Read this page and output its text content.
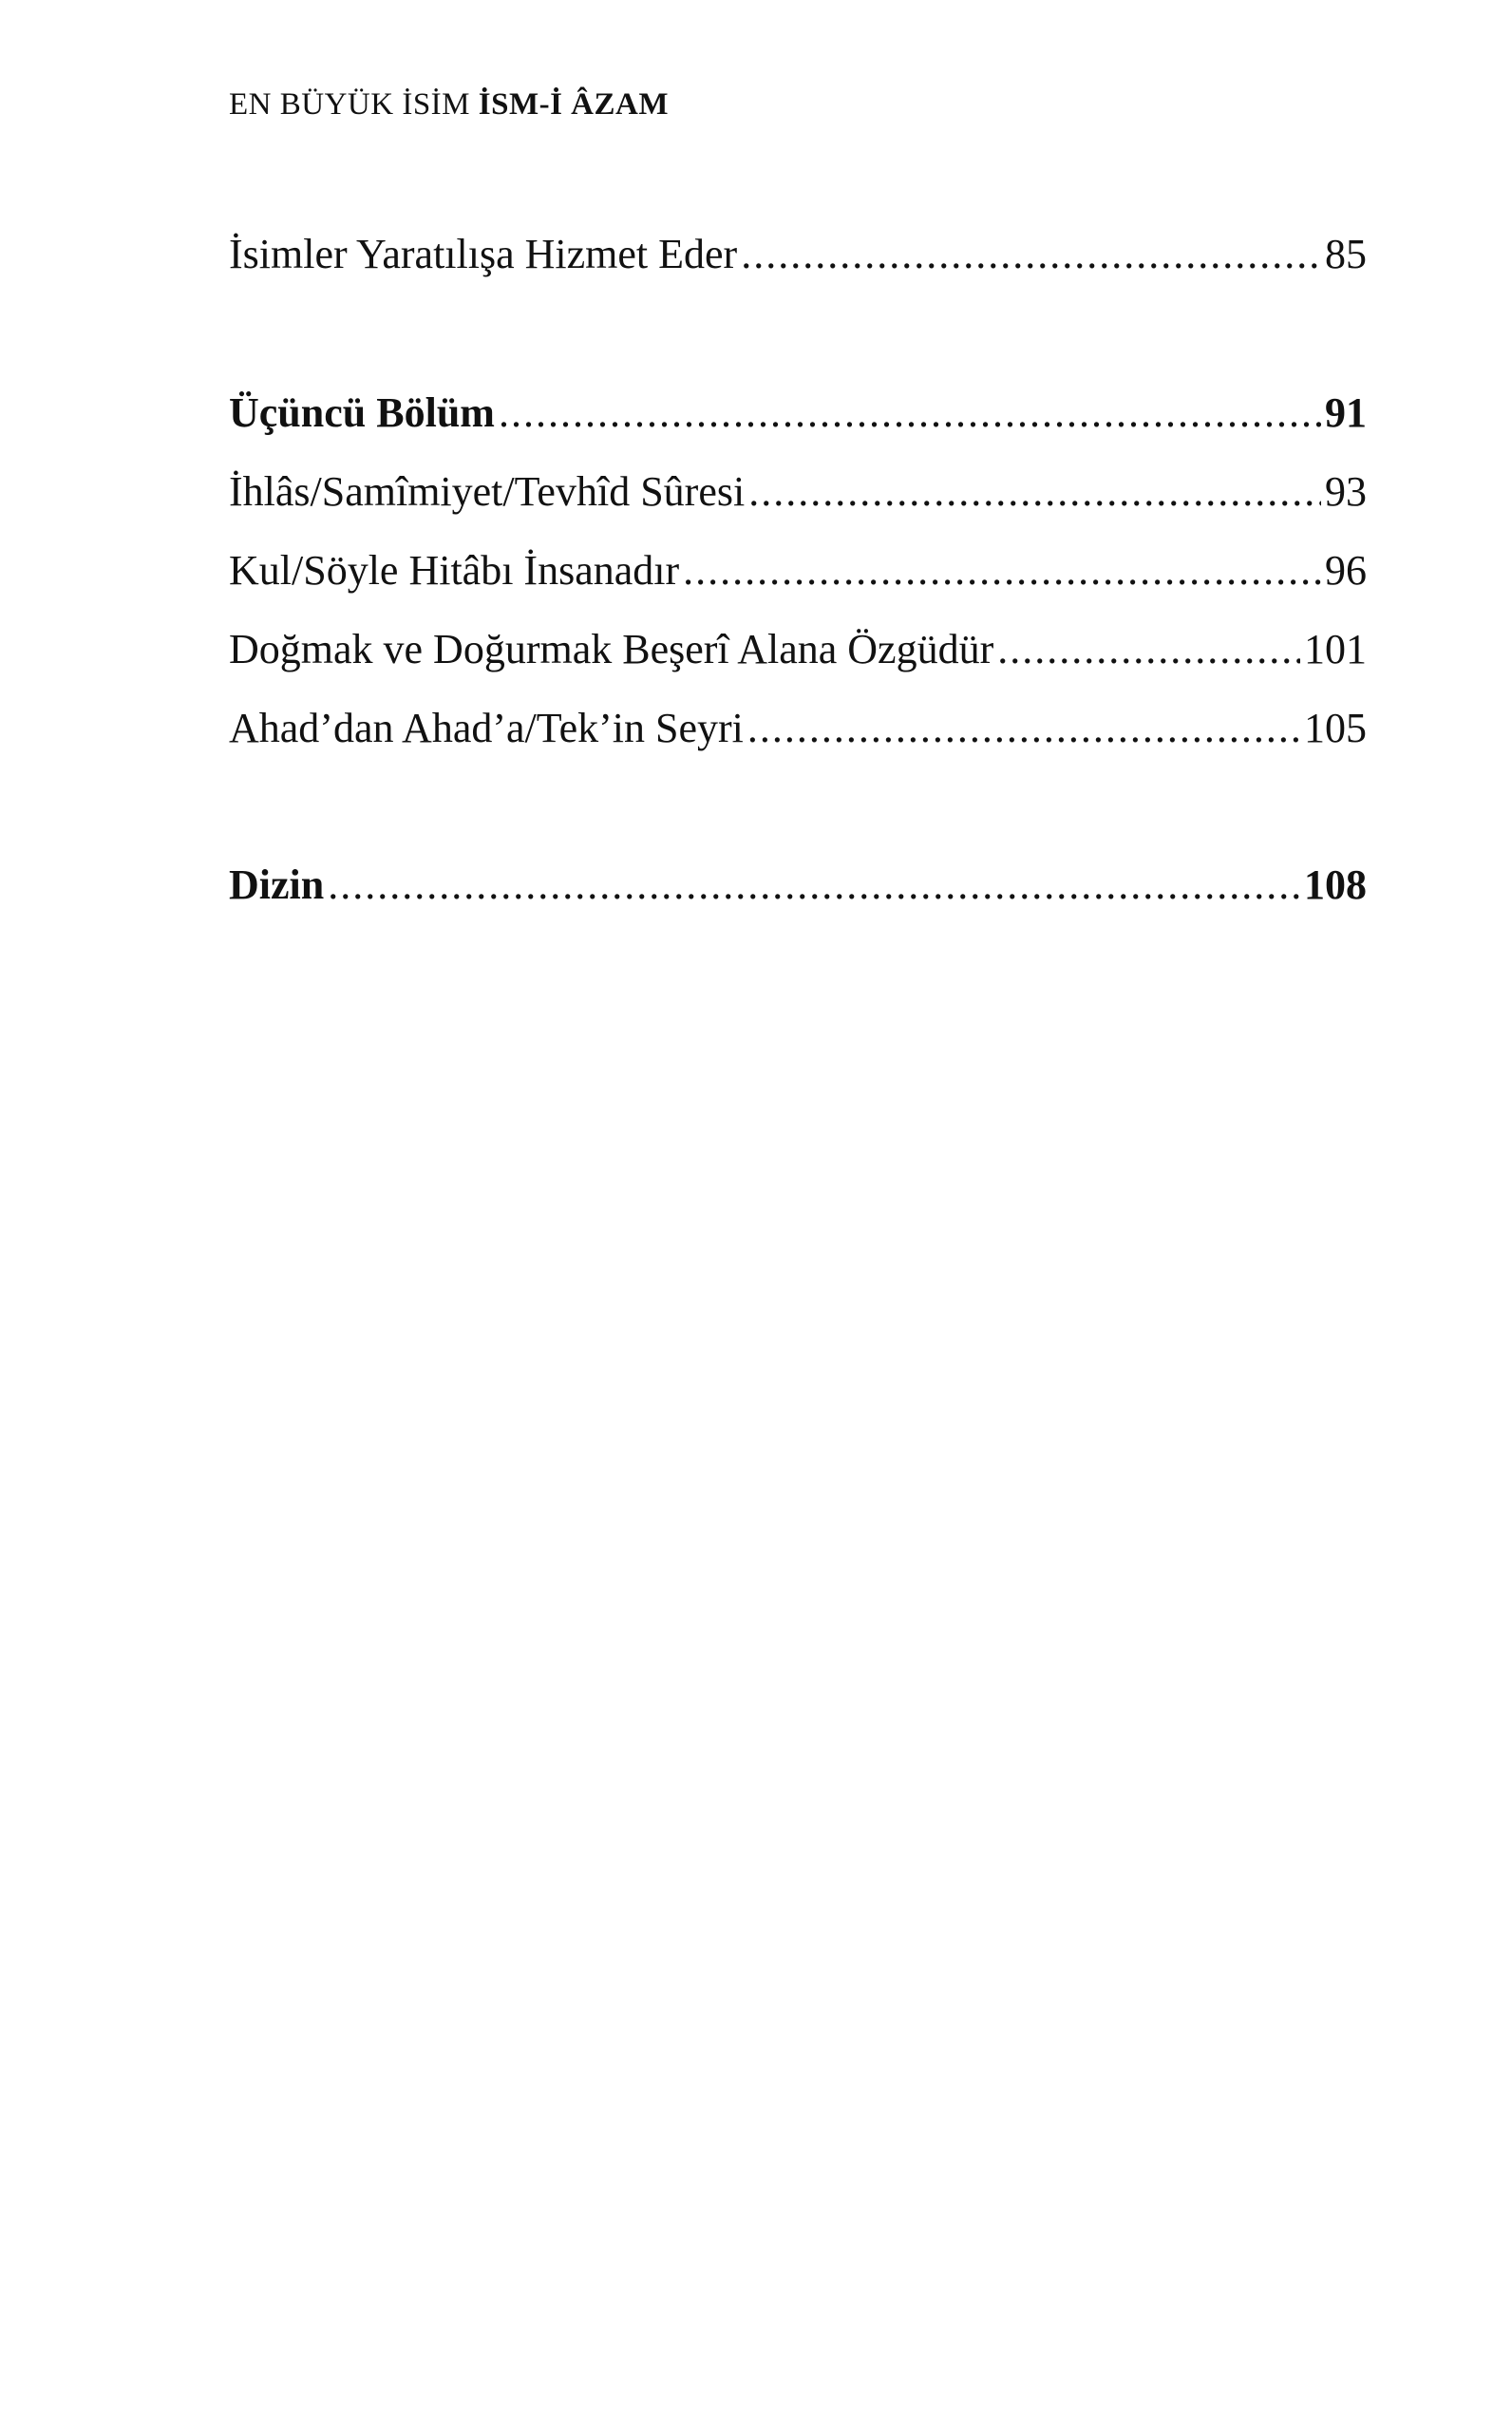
EN BÜYÜK İSİM İSM-İ ÂZAM
İsimler Yaratılışa Hizmet Eder .....	85
Üçüncü Bölüm .....	91
İhlâs/Samîmiyet/Tevhîd Sûresi .....	93
Kul/Söyle Hitâbı İnsanadır .....	96
Doğmak ve Doğurmak Beşerî Alana Özgüdür .....	101
Ahad’dan Ahad’a/Tek’in Seyri .....	105
Dizin .....	108
